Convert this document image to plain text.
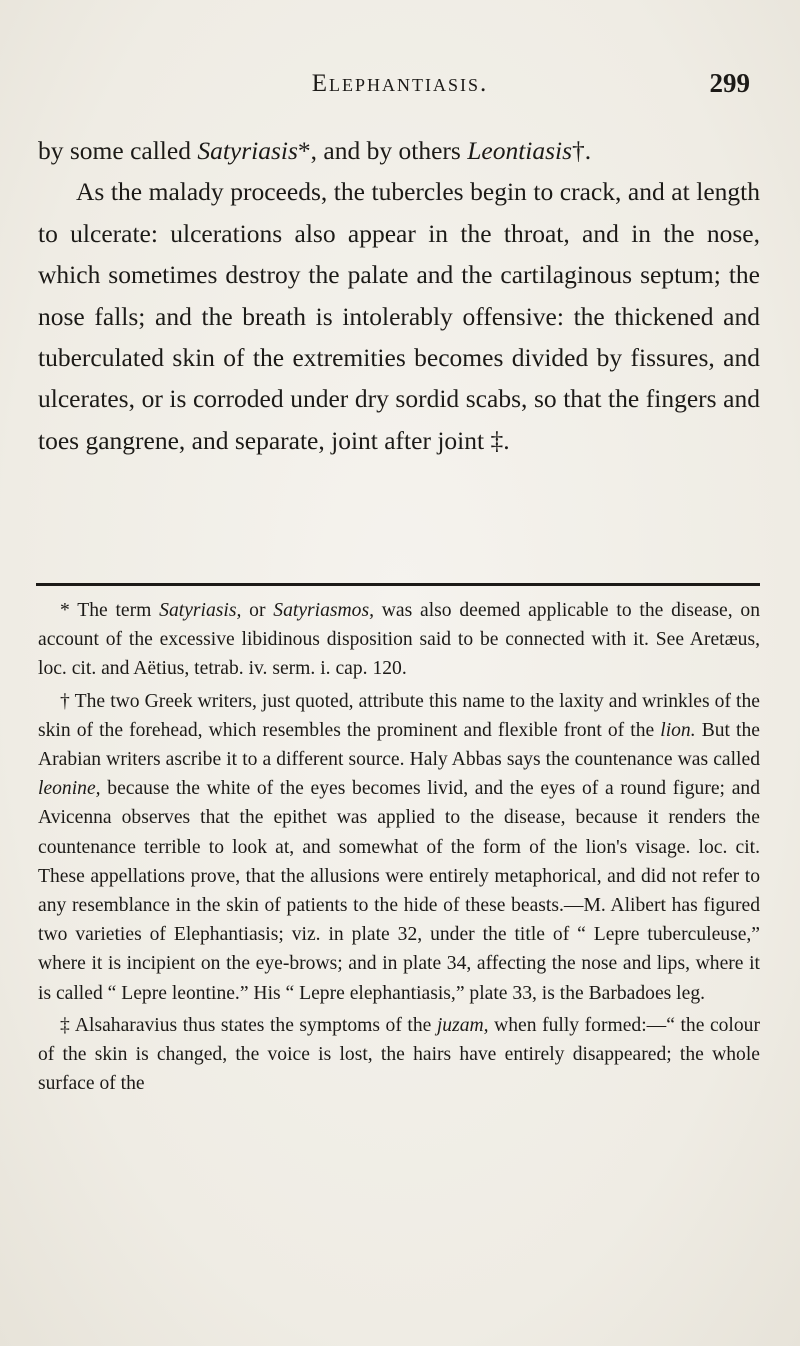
Elephantiasis.	299

by some called Satyriasis*, and by others Leontiasis†.

As the malady proceeds, the tubercles begin to crack, and at length to ulcerate: ulcerations also appear in the throat, and in the nose, which sometimes destroy the palate and the cartilaginous septum; the nose falls; and the breath is intolerably offensive: the thickened and tuberculated skin of the extremities becomes divided by fissures, and ulcerates, or is corroded under dry sordid scabs, so that the fingers and toes gangrene, and separate, joint after joint ‡.

* The term Satyriasis, or Satyriasmos, was also deemed applicable to the disease, on account of the excessive libidinous disposition said to be connected with it. See Aretæus, loc. cit. and Aëtius, tetrab. iv. serm. i. cap. 120.

† The two Greek writers, just quoted, attribute this name to the laxity and wrinkles of the skin of the forehead, which resembles the prominent and flexible front of the lion. But the Arabian writers ascribe it to a different source. Haly Abbas says the countenance was called leonine, because the white of the eyes becomes livid, and the eyes of a round figure; and Avicenna observes that the epithet was applied to the disease, because it renders the countenance terrible to look at, and somewhat of the form of the lion's visage. loc. cit. These appellations prove, that the allusions were entirely metaphorical, and did not refer to any resemblance in the skin of patients to the hide of these beasts.—M. Alibert has figured two varieties of Elephantiasis; viz. in plate 32, under the title of “ Lepre tuberculeuse,” where it is incipient on the eye-brows; and in plate 34, affecting the nose and lips, where it is called “ Lepre leontine.” His “ Lepre elephantiasis,” plate 33, is the Barbadoes leg.

‡ Alsaharavius thus states the symptoms of the juzam, when fully formed:—“ the colour of the skin is changed, the voice is lost, the hairs have entirely disappeared; the whole surface of the
